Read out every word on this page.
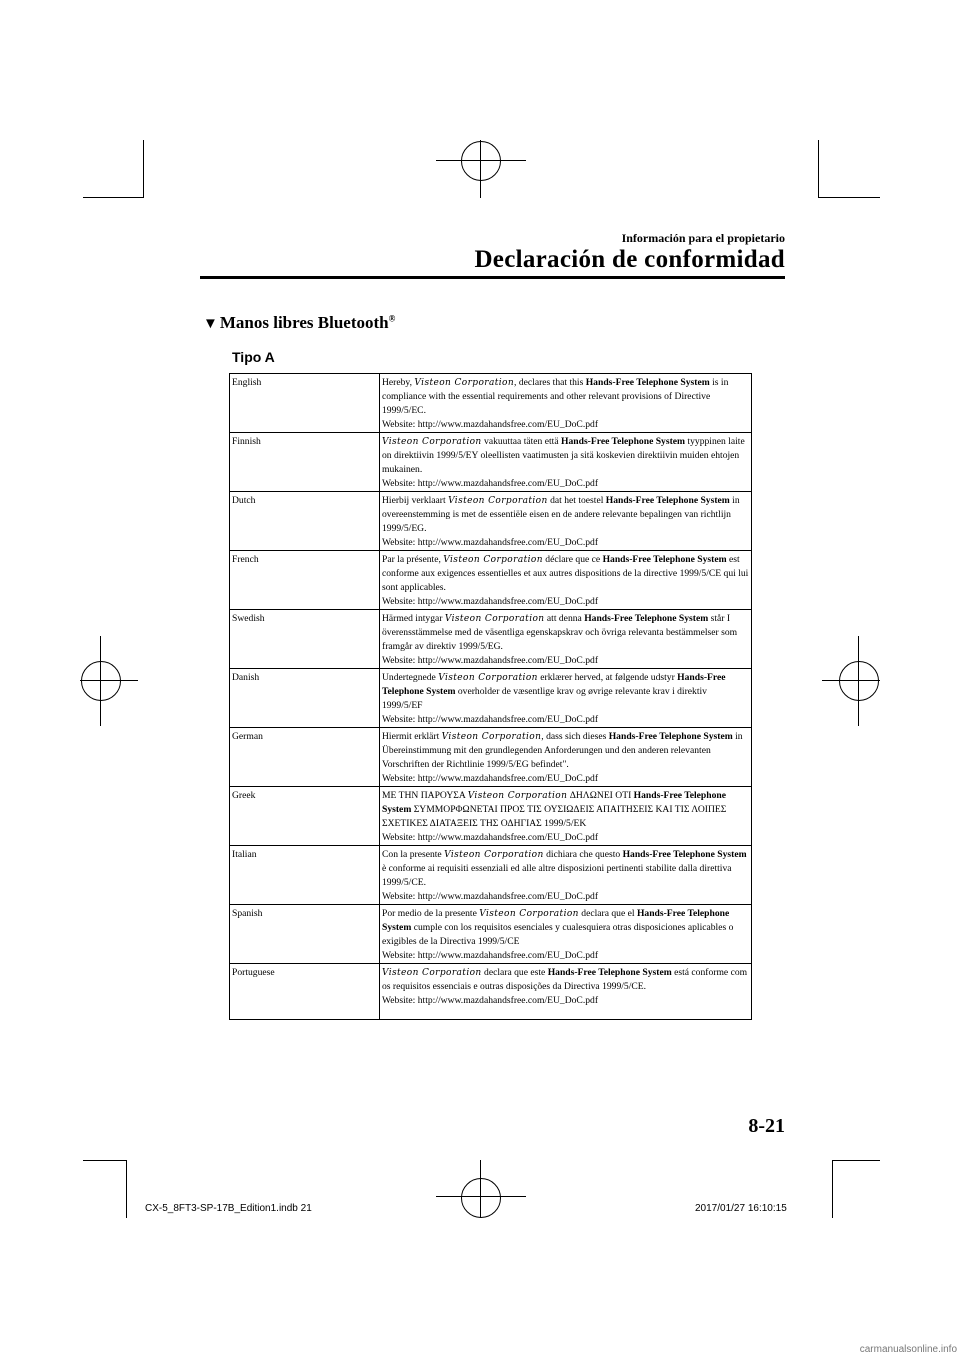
Información para el propietario
Declaración de conformidad
▼ Manos libres Bluetooth®
Tipo A
English	Hereby, Visteon Corporation, declares that this Hands-Free Telephone System is in compliance with the essential requirements and other relevant provisions of Directive 1999/5/EC.
Website: http://www.mazdahandsfree.com/EU_DoC.pdf

Finnish	Visteon Corporation vakuuttaa täten että Hands-Free Telephone System tyyppinen laite on direktiivin 1999/5/EY oleellisten vaatimusten ja sitä koskevien direktiivin muiden ehtojen mukainen.
Website: http://www.mazdahandsfree.com/EU_DoC.pdf

Dutch	Hierbij verklaart Visteon Corporation dat het toestel Hands-Free Telephone System in overeenstemming is met de essentiële eisen en de andere relevante bepalingen van richtlijn 1999/5/EG.
Website: http://www.mazdahandsfree.com/EU_DoC.pdf

French	Par la présente, Visteon Corporation déclare que ce Hands-Free Telephone System est conforme aux exigences essentielles et aux autres dispositions de la directive 1999/5/CE qui lui sont applicables.
Website: http://www.mazdahandsfree.com/EU_DoC.pdf

Swedish	Härmed intygar Visteon Corporation att denna Hands-Free Telephone System står I överensstämmelse med de väsentliga egenskapskrav och övriga relevanta bestämmelser som framgår av direktiv 1999/5/EG.
Website: http://www.mazdahandsfree.com/EU_DoC.pdf

Danish	Undertegnede Visteon Corporation erklærer herved, at følgende udstyr Hands-Free Telephone System overholder de væsentlige krav og øvrige relevante krav i direktiv 1999/5/EF
Website: http://www.mazdahandsfree.com/EU_DoC.pdf

German	Hiermit erklärt Visteon Corporation, dass sich dieses Hands-Free Telephone System in Übereinstimmung mit den grundlegenden Anforderungen und den anderen relevanten Vorschriften der Richtlinie 1999/5/EG befindet".
Website: http://www.mazdahandsfree.com/EU_DoC.pdf

Greek	ΜΕ ΤΗΝ ΠΑΡΟΥΣΑ Visteon Corporation ΔΗΛΩΝΕΙ ΟΤΙ Hands-Free Telephone System ΣΥΜΜΟΡΦΩΝΕΤΑΙ ΠΡΟΣ ΤΙΣ ΟΥΣΙΩΔΕΙΣ ΑΠΑΙΤΗΣΕΙΣ ΚΑΙ ΤΙΣ ΛΟΙΠΕΣ ΣΧΕΤΙΚΕΣ ΔΙΑΤΑΞΕΙΣ ΤΗΣ ΟΔΗΓΙΑΣ 1999/5/ΕΚ
Website: http://www.mazdahandsfree.com/EU_DoC.pdf

Italian	Con la presente Visteon Corporation dichiara che questo Hands-Free Telephone System è conforme ai requisiti essenziali ed alle altre disposizioni pertinenti stabilite dalla direttiva 1999/5/CE.
Website: http://www.mazdahandsfree.com/EU_DoC.pdf

Spanish	Por medio de la presente Visteon Corporation declara que el Hands-Free Telephone System cumple con los requisitos esenciales y cualesquiera otras disposiciones aplicables o exigibles de la Directiva 1999/5/CE
Website: http://www.mazdahandsfree.com/EU_DoC.pdf

Portuguese	Visteon Corporation declara que este Hands-Free Telephone System está conforme com os requisitos essenciais e outras disposições da Directiva 1999/5/CE.
Website: http://www.mazdahandsfree.com/EU_DoC.pdf
8-21
CX-5_8FT3-SP-17B_Edition1.indb 21	2017/01/27 16:10:15
carmanualsonline.info
